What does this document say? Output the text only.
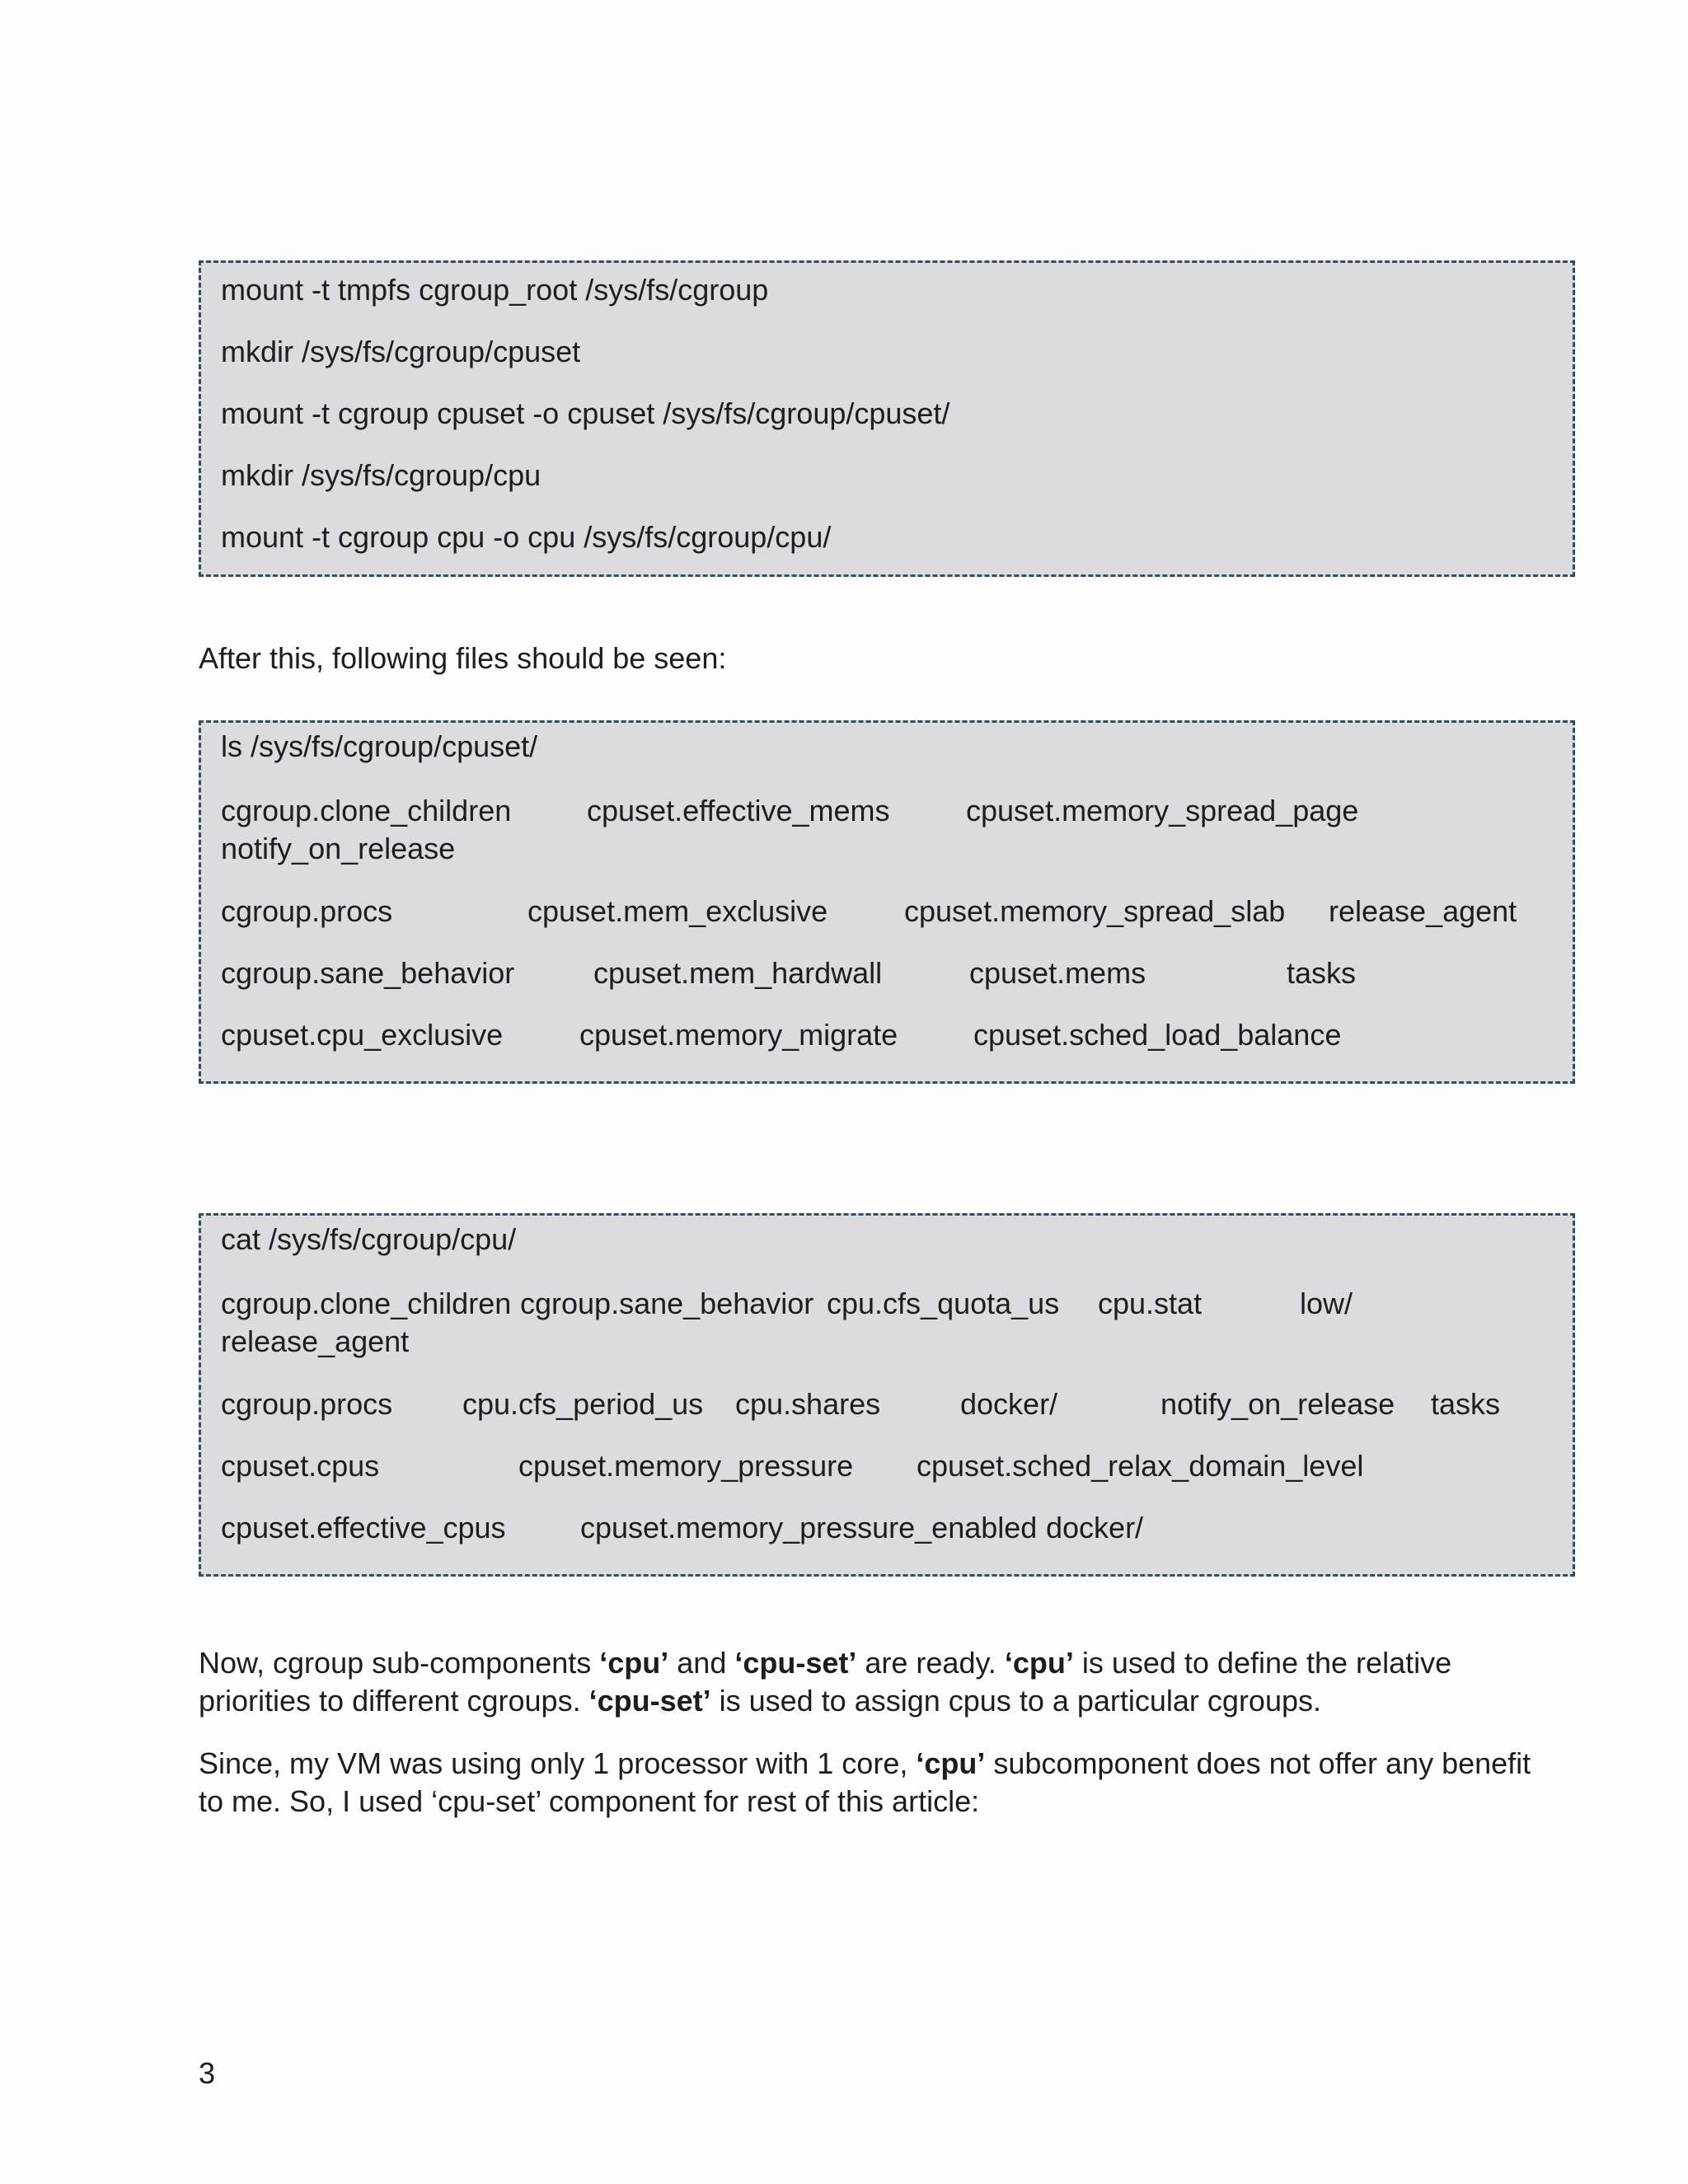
mount -t tmpfs cgroup_root /sys/fs/cgroup
mkdir /sys/fs/cgroup/cpuset
mount -t cgroup cpuset -o cpuset /sys/fs/cgroup/cpuset/
mkdir /sys/fs/cgroup/cpu
mount -t cgroup cpu -o cpu /sys/fs/cgroup/cpu/
After this, following files should be seen:
ls /sys/fs/cgroup/cpuset/
cgroup.clone_children	cpuset.effective_mems	cpuset.memory_spread_page
notify_on_release
cgroup.procs	cpuset.mem_exclusive	cpuset.memory_spread_slab release_agent
cgroup.sane_behavior	cpuset.mem_hardwall	cpuset.mems	tasks
cpuset.cpu_exclusive	cpuset.memory_migrate	cpuset.sched_load_balance
cat /sys/fs/cgroup/cpu/
cgroup.clone_children cgroup.sane_behavior cpu.cfs_quota_us cpu.stat	low/
release_agent
cgroup.procs cpu.cfs_period_us cpu.shares	docker/	notify_on_release tasks
cpuset.cpus	cpuset.memory_pressure cpuset.sched_relax_domain_level
cpuset.effective_cpus	cpuset.memory_pressure_enabled docker/
Now, cgroup sub-components ‘cpu’ and ‘cpu-set’ are ready. ‘cpu’ is used to define the relative
priorities to different cgroups. ‘cpu-set’ is used to assign cpus to a particular cgroups.
Since, my VM was using only 1 processor with 1 core, ‘cpu’ subcomponent does not offer any benefit
to me. So, I used ‘cpu-set’ component for rest of this article:
3
